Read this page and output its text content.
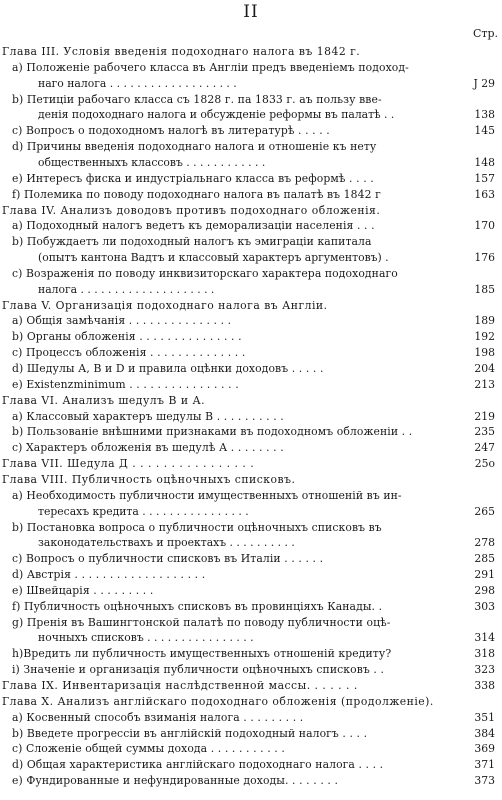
II
Стр.
Глава III. Условія введенія подоходнаго налога въ 1842 г.
a) Положеніе рабочего класса въ Англіи предъ введеніемъ подоход-
наго налога . . . . . . . . . . . . . . . . . . .	J 29
b) Петиціи рабочаго класса съ 1828 г. па 1833 г. аъ пользу вве-
денія подоходнаго налога и обсужденіе реформы въ палатѣ . .	138
c) Вопросъ о подоходномъ налогѣ въ литературѣ . . . . .	145
d) Причины введенія подоходнаго налога и отношеніе къ нету
общественныхъ классовъ . . . . . . . . . . . .	148
e) Интересъ фиска и индустріальнаго класса въ реформѣ . . . .	157
f) Полемика по поводу подоходнаго налога въ палатѣ въ 1842 г	163
Глава IV. Анализъ доводовъ противъ подоходнаго обложенія.
a) Подоходный налогъ ведетъ къ деморализаціи населенія . . .	170
b) Побуждаетъ ли подоходный налогъ къ эмиграціи капитала
(опытъ кантона Вадтъ и классовый характеръ аргументовъ) .	176
c) Возраженія по поводу инквизиторскаго характера подоходнаго
налога . . . . . . . . . . . . . . . . . . . .	185
Глава V. Организація подоходнаго налога въ Англіи.
a) Общія замѣчанія . . . . . . . . . . . . . . .	189
b) Органы обложенія . . . . . . . . . . . . . . .	192
c) Процессъ обложенія . . . . . . . . . . . . . .	198
d) Шедулы А, В и D и правила оцѣнки доходовъ . . . . .	204
e) Existenzminimum . . . . . . . . . . . . . . . .	213
Глава VI. Анализъ шедулъ В и А.
a) Классовый характеръ шедулы В . . . . . . . . . .	219
b) Пользованіе внѣшними признаками въ подоходномъ обложеніи . .	235
c) Характеръ обложенія въ шедулѣ А . . . . . . . .	247
Глава VII. Шедула Д . . . . . . . . . . . . . . . .	25o
Глава VIII. Публичность оцѣночныхъ списковъ.
a) Необходимость публичности имущественныхъ отношеній въ ин-
тересахъ кредита . . . . . . . . . . . . . . . .	265
b) Постановка вопроса о публичности оцѣночныхъ списковъ въ
законодательствахъ и проектахъ . . . . . . . . . .	278
c) Вопросъ о публичности списковъ въ Италіи . . . . . .	285
d) Австрія . . . . . . . . . . . . . . . . . . .	291
e) Швейцарія . . . . . . . . .	298
f) Публичность оцѣночныхъ списковъ въ провинціяхъ Канады. .	303
g) Пренія въ Вашингтонской палатѣ по поводу публичности оцѣ-
ночныхъ списковъ . . . . . . . . . . . . . . . .	314
h)Вредить ли публичность имущественныхъ отношеній кредиту?	318
i) Значеніе и организація публичности оцѣночныхъ списковъ . .	323
Глава IX. Инвентаризація наслѣдственной массы. . . . . . .	338
Глава X. Анализъ англійскаго подоходнаго обложенія (продолженіе).
a) Косвенный способъ взиманія налога . . . . . . . . .	351
b) Введете прогрессіи въ англійскій подоходный налогъ . . . .	384
c) Сложеніе общей суммы дохода . . . . . . . . . . .	369
d) Общая характеристика англійскаго подоходнаго налога . . . .	371
e) Фундированные и нефундированные доходы. . . . . . . .	373
